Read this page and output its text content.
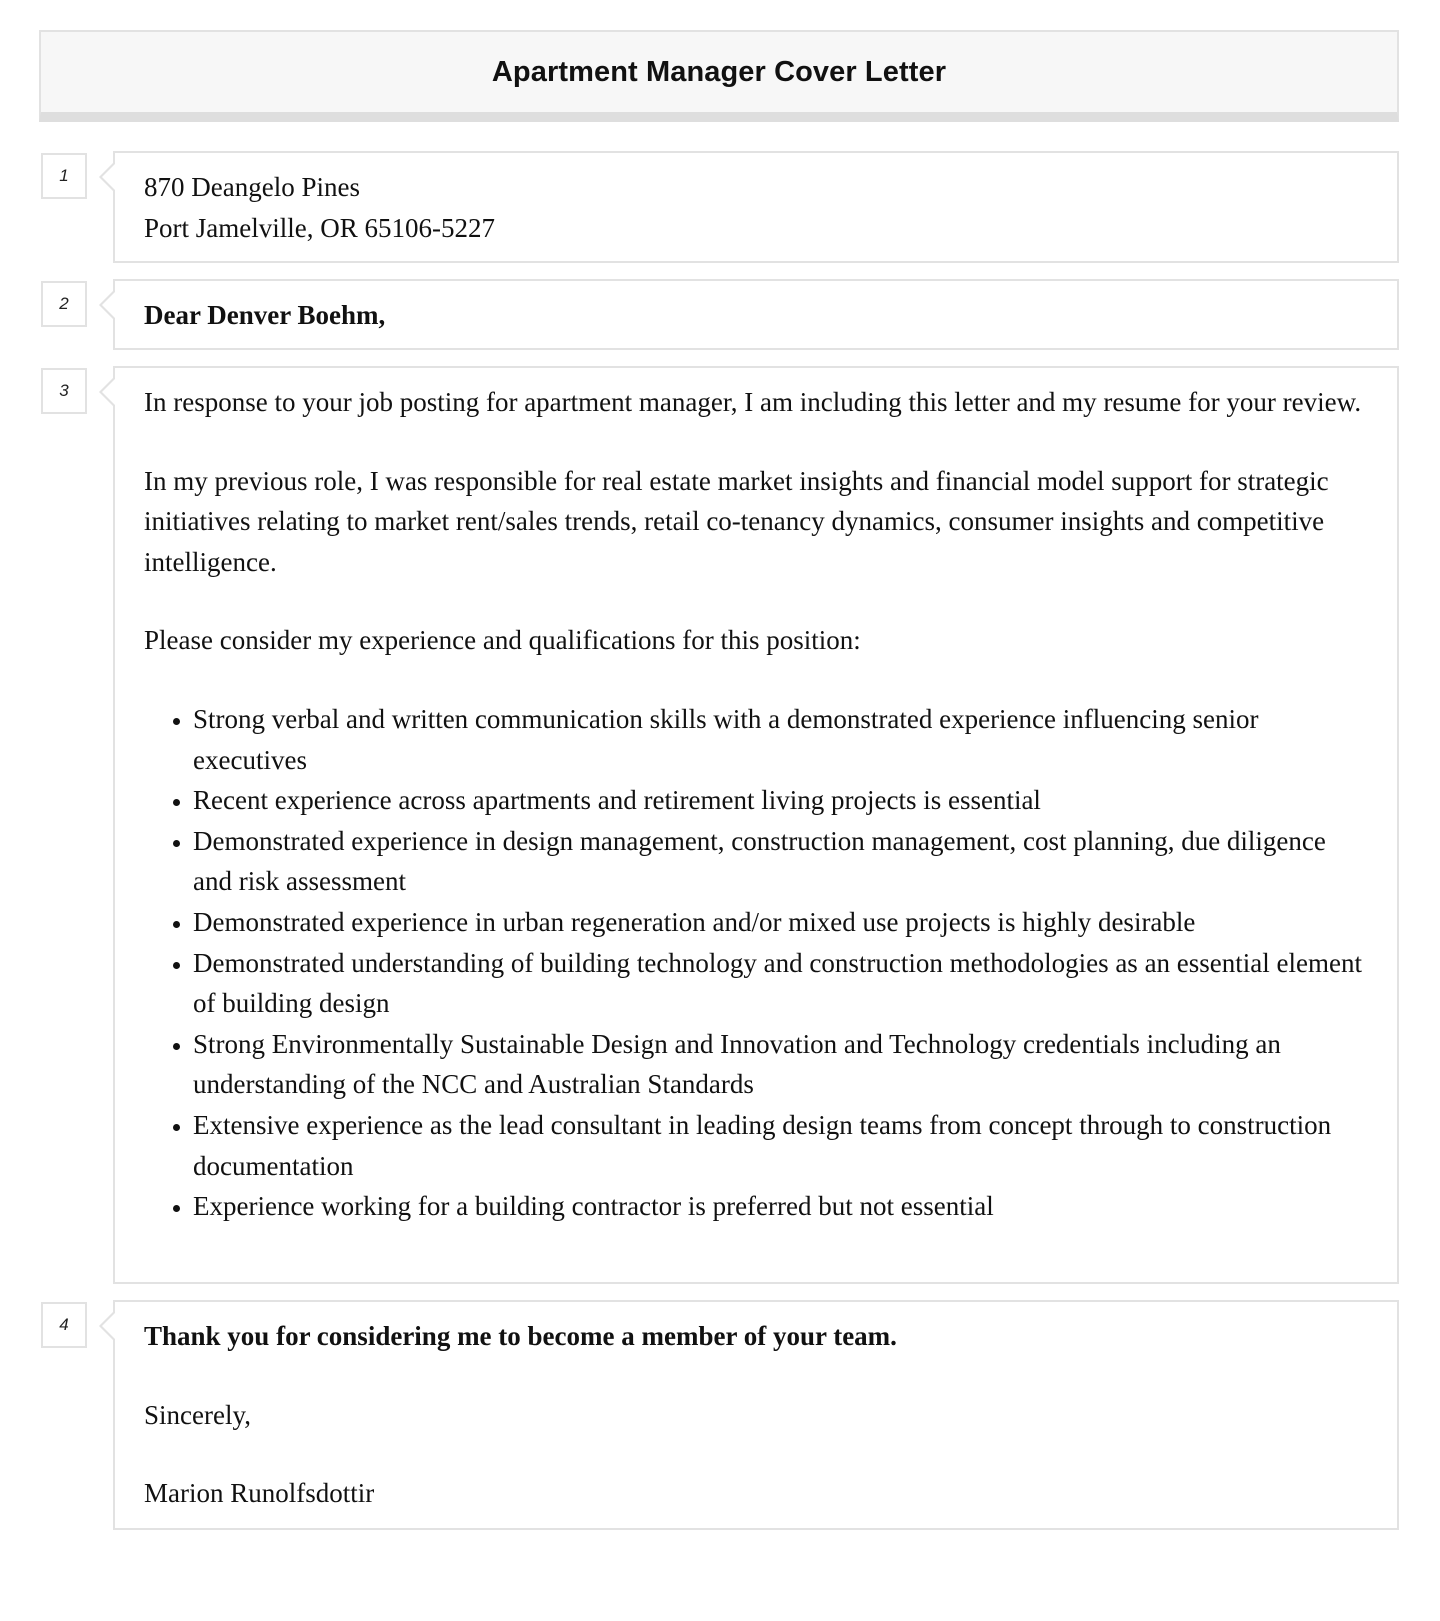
Apartment Manager Cover Letter
1	870 Deangelo Pines

Port Jamelville, OR 65106-5227

2	Dear Denver Boehm,

3	In response to your job posting for apartment manager, I am including this letter and my resume for your review.

In my previous role, I was responsible for real estate market insights and financial model support for strategic initiatives relating to market rent/sales trends, retail co-tenancy dynamics, consumer insights and competitive intelligence.

Please consider my experience and qualifications for this position:

• Strong verbal and written communication skills with a demonstrated experience influencing senior executives
• Recent experience across apartments and retirement living projects is essential
• Demonstrated experience in design management, construction management, cost planning, due diligence and risk assessment
• Demonstrated experience in urban regeneration and/or mixed use projects is highly desirable
• Demonstrated understanding of building technology and construction methodologies as an essential element of building design
• Strong Environmentally Sustainable Design and Innovation and Technology credentials including an understanding of the NCC and Australian Standards
• Extensive experience as the lead consultant in leading design teams from concept through to construction documentation
• Experience working for a building contractor is preferred but not essential
4	Thank you for considering me to become a member of your team.

Sincerely,

Marion Runolfsdottir
